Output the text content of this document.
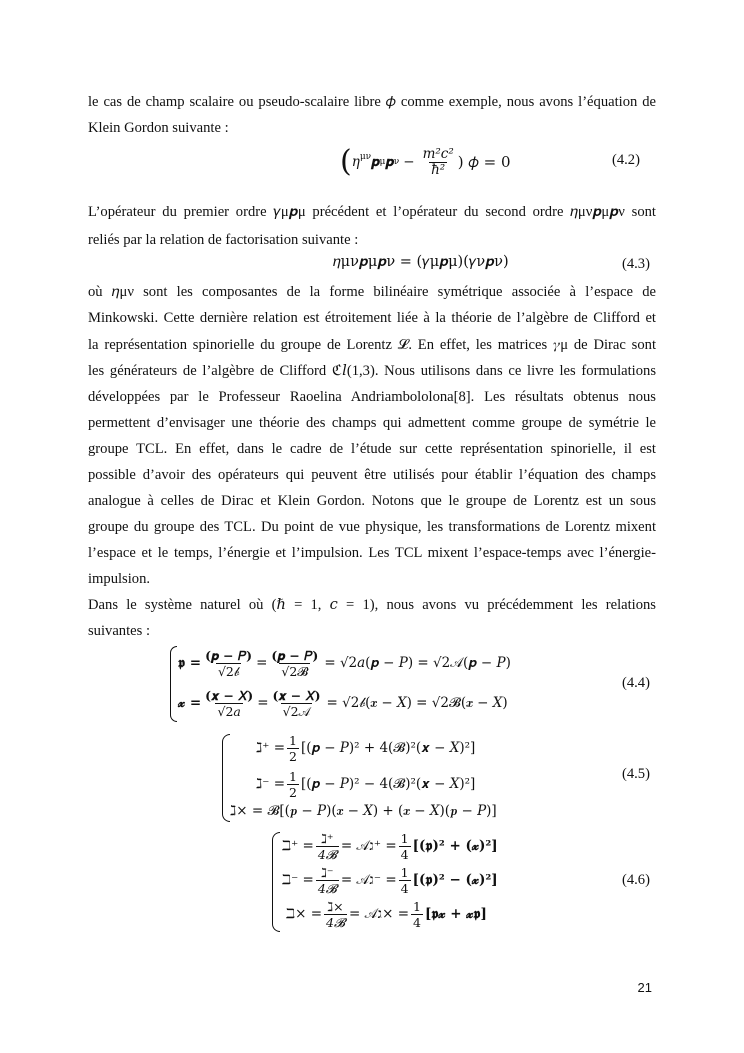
le cas de champ scalaire ou pseudo-scalaire libre 𝜙 comme exemple, nous avons l’équation de
Klein Gordon suivante :
( 𝜂$^{\mu\nu}$ 𝒑 μ 𝒑 $\nu - \frac{\text{m²c²}}{\text{ħ²}}$ ) 𝜙 = 0	(4.2)
L’opérateur du premier ordre 𝛾μ𝒑μ précédent et l’opérateur du second ordre 𝜂μν𝒑μ𝒑ν sont
reliés par la relation de factorisation suivante :
𝜂μν𝒑μ𝒑ν = (𝛾μ𝒑μ)(𝛾ν𝒑ν)	(4.3)
où 𝜂μν sont les composantes de la forme bilinéaire symétrique associée à l’espace de
Minkowski. Cette dernière relation est étroitement liée à la théorie de l’algèbre de Clifford et
la représentation spinorielle du groupe de Lorentz 𝓛. En effet, les matrices 𝛾μ de Dirac sont
les générateurs de l’algèbre de Clifford ℭ𝑙(1,3). Nous utilisons dans ce livre les formulations
développées par le Professeur Raoelina Andriambololona[8]. Les résultats obtenus nous
permettent d’envisager une théorie des champs qui admettent comme groupe de symétrie le
groupe TCL. En effet, dans le cadre de l’étude sur cette représentation spinorielle, il est
possible d’avoir des opérateurs qui peuvent être utilisés pour établir l’équation des champs
analogue à celles de Dirac et Klein Gordon. Notons que le groupe de Lorentz est un sous
groupe du groupe des TCL. Du point de vue physique, les transformations de Lorentz mixent
l’espace et le temps, l’énergie et l’impulsion. Les TCL mixent l’espace-temps avec l’énergie-
impulsion.
Dans le système naturel où (ℏ = 1, 𝑐 = 1), nous avons vu précédemment les relations
suivantes :
𝖕 = $\frac{\text{(𝒑 − 𝑃)}}{\text{√2𝒷}} = \frac{\text{(𝒑 − 𝑃)}}{\text{√2𝓑}}$ = √2𝑎(𝒑 − 𝑃) = √2𝒜(𝒑 − 𝑃)
𝔁 = $\frac{\text{(𝒙 − 𝑋)}}{\text{√2𝑎}} = \frac{\text{(𝒙 − 𝑋)}}{\text{√2𝒜}}$ = √2𝒷(𝒙 − 𝑋) = √2𝓑(𝒙 − 𝑋)
(4.4)
ℷ⁺ = $\frac{1}{2}$ [(𝒑 − 𝑃)² + 4(𝓑)²(𝒙 − 𝑋)²]
ℷ⁻ = $\frac{1}{2}$ [(𝒑 − 𝑃)² − 4(𝓑)²(𝒙 − 𝑋)²]
ℷ× = 𝓑[(𝒑 − 𝑃)(𝒙 − 𝑋) + (𝒙 − 𝑋)(𝒑 − 𝑃)]
(4.5)
ℶ⁺ = $\frac{\text{ℷ⁺}}{\text{4𝓑}}$ = 𝒜ℷ⁺ = $\frac{1}{4}$ [(𝖕)² + (𝔁)²]
ℶ⁻ = $\frac{\text{ℷ⁻}}{\text{4𝓑}}$ = 𝒜ℷ⁻ = $\frac{1}{4}$ [(𝖕)² − (𝔁)²]
ℶ× = $\frac{\text{ℷ×}}{\text{4𝓑}}$ = 𝒜ℷ× = $\frac{1}{4}$ [𝖕𝔁 + 𝔁𝖕]
(4.6)
21
